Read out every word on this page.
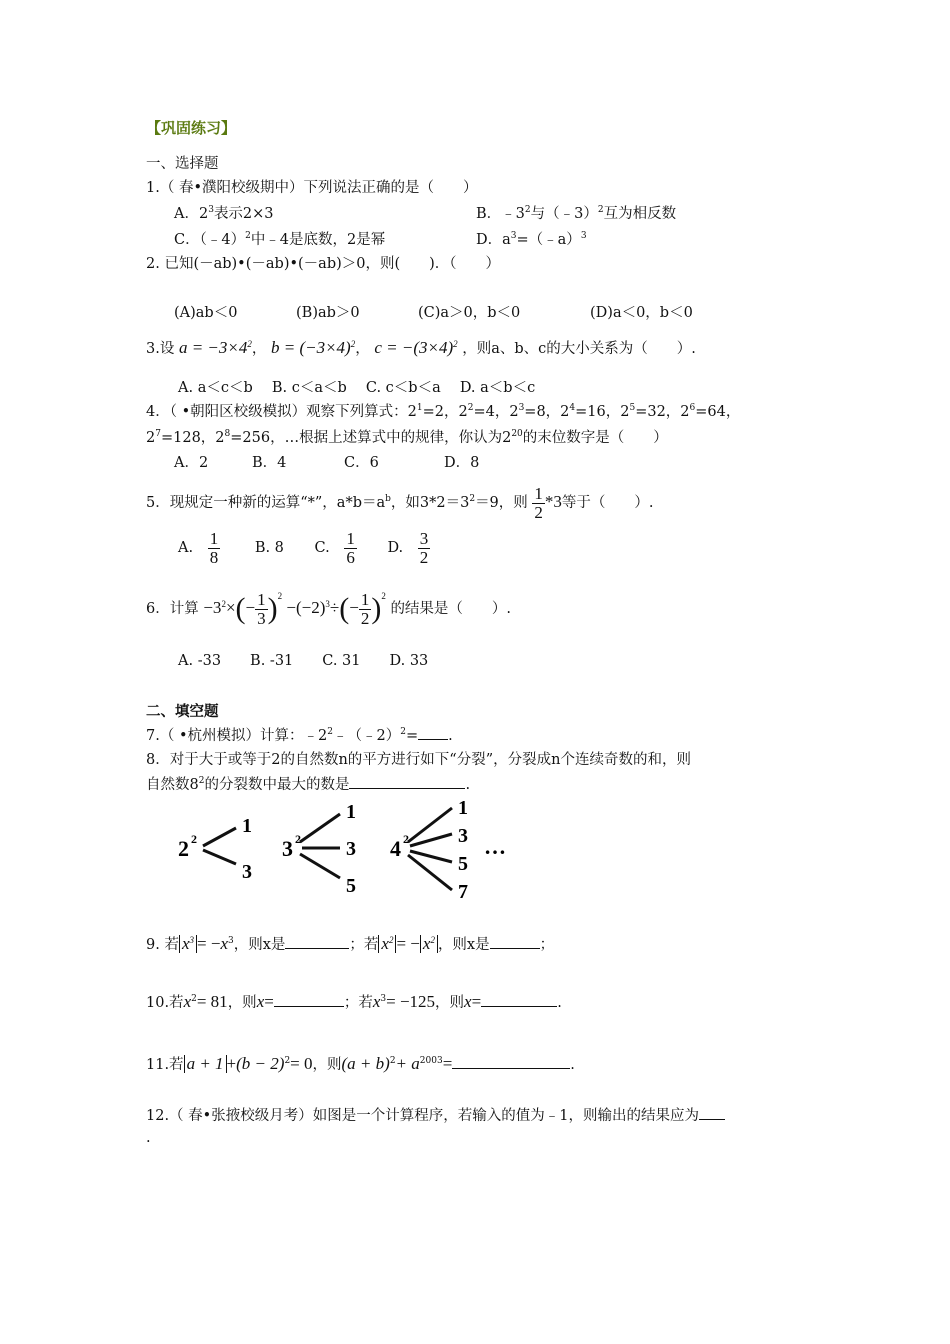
【巩固练习】
一、选择题
1.（ 春•濮阳校级期中）下列说法正确的是（　　）
A．$2^3$表示2×3	B．$﹣3^2$与（﹣3）$^2$互为相反数
C．（﹣4）$^2$中﹣4是底数，2是幂	D．$a^3=(﹣a)^3$
2. 已知(－ab)•(－ab)•(－ab)＞0，则(　　)．（　　）
(A)ab＜0	(B)ab＞0	(C)a＞0，b＜0	(D)a＜0，b＜0
3.设 $a = -3\times 4^2$， $b = (-3\times 4)^2$， $c = -(3\times 4)^2$ ，则a、b、c的大小关系为（　　）.
A. a＜c＜b　 B. c＜a＜b　 C. c＜b＜a　 D. a＜b＜c
4．（ •朝阳区校级模拟）观察下列算式：$2^1=2$，$2^2=4$，$2^3=8$，$2^4=16$，$2^5=32$，$2^6=64$，
$2^7=128$，$2^8=256$，…根据上述算式中的规律，你认为$2^{20}$的末位数字是（　　）
A．2	B．4	C．6	D．8
5．现规定一种新的运算“*”，$a*b=a^b$，如$3*2=3^2=9$，则 $\frac{1}{2} *3$等于（　　）.
A. $\frac{1}{8} B$. 8 C. $\frac{1}{6} D$. $\frac{3}{2}$
6．计算 $-3^2\times(- \frac{1}{3} )^2 -(-2)^3\div(- \frac{1}{2} )^2$ 的结果是（　　）.
A. -33　　B. -31　　C. 31　　D. 33
二、填空题
7.（ •杭州模拟）计算：$﹣2^2﹣(﹣2)^2=$ .
8．对于大于或等于2的自然数n的平方进行如下“分裂”，分裂成n个连续奇数的和，则
自然数$8^2$的分裂数中最大的数是	.
2 2
1
3
3 2
1
3
5
4 2
1
3
5
7
…
9. 若 $x^3 = -x^3$，则x是	；若 $x^2$ = − $x^2$ ，则x是	；
10.若$x^2= 81$，则x=	；若$x^3= -125$，则x=	.
11.若 $a + 1 +(b - 2)^2= 0$，则$(a + b)^2+ a^{2003}=$	.
12.（ 春•张掖校级月考）如图是一个计算程序，若输入的值为﹣1，则输出的结果应为
.
